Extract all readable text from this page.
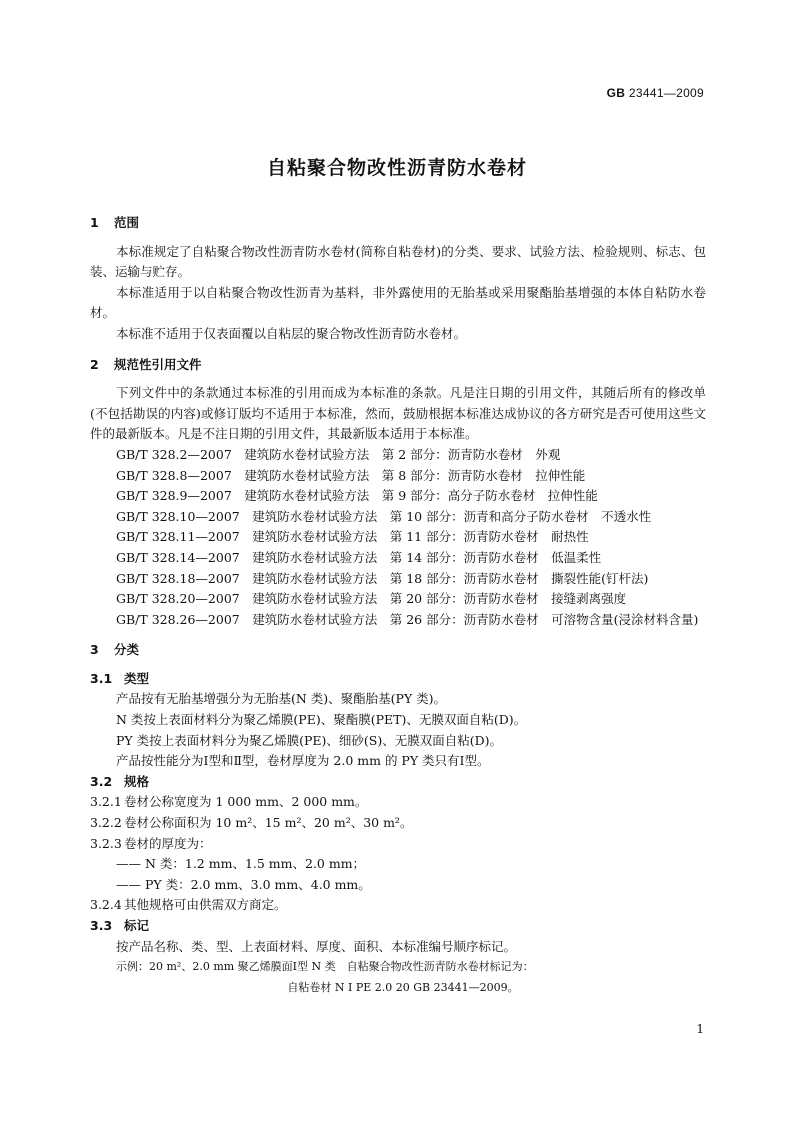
GB 23441—2009
自粘聚合物改性沥青防水卷材

1 范围

本标准规定了自粘聚合物改性沥青防水卷材(简称自粘卷材)的分类、要求、试验方法、检验规则、标志、包装、运输与贮存。

本标准适用于以自粘聚合物改性沥青为基料，非外露使用的无胎基或采用聚酯胎基增强的本体自粘防水卷材。

本标准不适用于仅表面覆以自粘层的聚合物改性沥青防水卷材。

2 规范性引用文件

下列文件中的条款通过本标准的引用而成为本标准的条款。凡是注日期的引用文件，其随后所有的修改单(不包括勘误的内容)或修订版均不适用于本标准，然而，鼓励根据本标准达成协议的各方研究是否可使用这些文件的最新版本。凡是不注日期的引用文件，其最新版本适用于本标准。

GB/T 328.2—2007　建筑防水卷材试验方法　第 2 部分：沥青防水卷材　外观

GB/T 328.8—2007　建筑防水卷材试验方法　第 8 部分：沥青防水卷材　拉伸性能

GB/T 328.9—2007　建筑防水卷材试验方法　第 9 部分：高分子防水卷材　拉伸性能

GB/T 328.10—2007　建筑防水卷材试验方法　第 10 部分：沥青和高分子防水卷材　不透水性

GB/T 328.11—2007　建筑防水卷材试验方法　第 11 部分：沥青防水卷材　耐热性

GB/T 328.14—2007　建筑防水卷材试验方法　第 14 部分：沥青防水卷材　低温柔性

GB/T 328.18—2007　建筑防水卷材试验方法　第 18 部分：沥青防水卷材　撕裂性能(钉杆法)

GB/T 328.20—2007　建筑防水卷材试验方法　第 20 部分：沥青防水卷材　接缝剥离强度

GB/T 328.26—2007　建筑防水卷材试验方法　第 26 部分：沥青防水卷材　可溶物含量(浸涂材料含量)

3 分类

3.1 类型

产品按有无胎基增强分为无胎基(N 类)、聚酯胎基(PY 类)。

N 类按上表面材料分为聚乙烯膜(PE)、聚酯膜(PET)、无膜双面自粘(D)。

PY 类按上表面材料分为聚乙烯膜(PE)、细砂(S)、无膜双面自粘(D)。

产品按性能分为Ⅰ型和Ⅱ型，卷材厚度为 2.0 mm 的 PY 类只有Ⅰ型。

3.2 规格

3.2.1 卷材公称宽度为 1 000 mm、2 000 mm。

3.2.2 卷材公称面积为 10 m²、15 m²、20 m²、30 m²。

3.2.3 卷材的厚度为：

—— N 类：1.2 mm、1.5 mm、2.0 mm；

—— PY 类：2.0 mm、3.0 mm、4.0 mm。

3.2.4 其他规格可由供需双方商定。

3.3 标记

按产品名称、类、型、上表面材料、厚度、面积、本标准编号顺序标记。

示例：20 m²、2.0 mm 聚乙烯膜面Ⅰ型 N 类　自粘聚合物改性沥青防水卷材标记为：

自粘卷材 N Ⅰ PE 2.0 20 GB 23441—2009。

1
